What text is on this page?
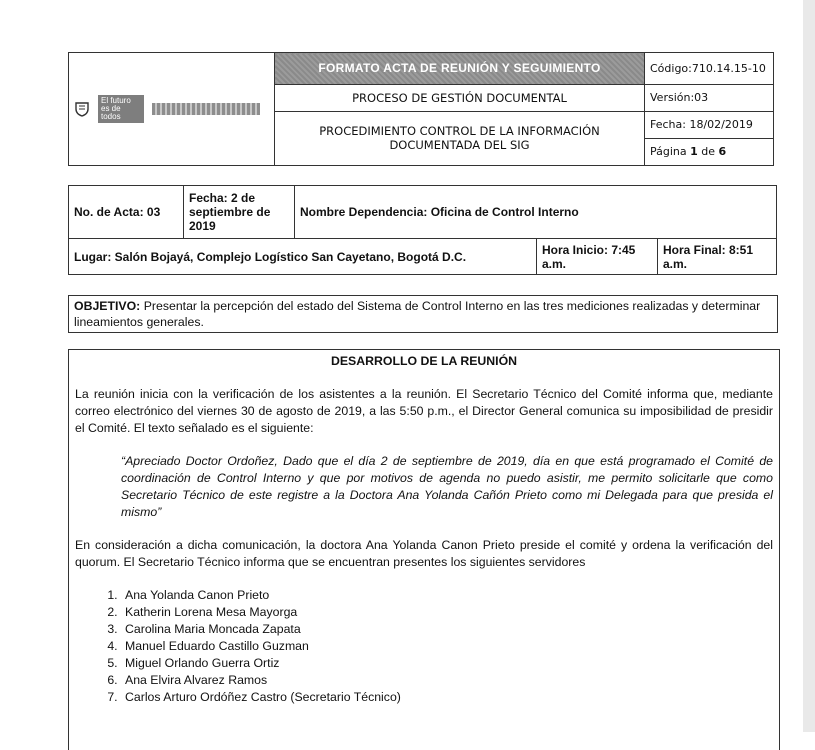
El futuro es de todos	FORMATO ACTA DE REUNIÓN Y SEGUIMIENTO	Código:710.14.15-10
	PROCESO DE GESTIÓN DOCUMENTAL	Versión:03
	PROCEDIMIENTO CONTROL DE LA INFORMACIÓN DOCUMENTADA DEL SIG	Fecha: 18/02/2019
		Página 1 de 6
No. de Acta: 03	Fecha: 2 de septiembre de 2019	Nombre Dependencia: Oficina de Control Interno		
Lugar: Salón Bojayá, Complejo Logístico San Cayetano, Bogotá D.C.			Hora Inicio: 7:45 a.m.	Hora Final: 8:51 a.m.
OBJETIVO: Presentar la percepción del estado del Sistema de Control Interno en las tres mediciones realizadas y determinar lineamientos generales.
DESARROLLO DE LA REUNIÓN

La reunión inicia con la verificación de los asistentes a la reunión. El Secretario Técnico del Comité informa que, mediante correo electrónico del viernes 30 de agosto de 2019, a las 5:50 p.m., el Director General comunica su imposibilidad de presidir el Comité. El texto señalado es el siguiente:

“Apreciado Doctor Ordoñez, Dado que el día 2 de septiembre de 2019, día en que está programado el Comité de coordinación de Control Interno y que por motivos de agenda no puedo asistir, me permito solicitarle que como Secretario Técnico de este registre a la Doctora Ana Yolanda Cañón Prieto como mi Delegada para que presida el mismo”

En consideración a dicha comunicación, la doctora Ana Yolanda Canon Prieto preside el comité y ordena la verificación del quorum. El Secretario Técnico informa que se encuentran presentes los siguientes servidores

1. Ana Yolanda Canon Prieto
2. Katherin Lorena Mesa Mayorga
3. Carolina Maria Moncada Zapata
4. Manuel Eduardo Castillo Guzman
5. Miguel Orlando Guerra Ortiz
6. Ana Elvira Alvarez Ramos
7. Carlos Arturo Ordóñez Castro (Secretario Técnico)
